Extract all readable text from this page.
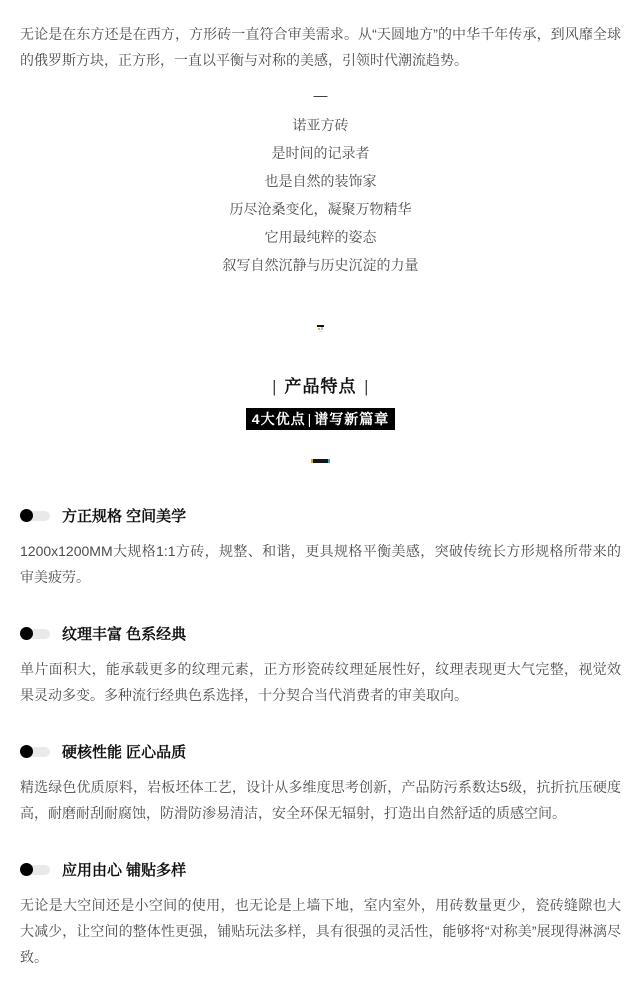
无论是在东方还是在西方，方形砖一直符合审美需求。从“天圆地方”的中华千年传承，到风靡全球的俄罗斯方块，正方形，一直以平衡与对称的美感，引领时代潮流趋势。

—
诺亚方砖
是时间的记录者
也是自然的装饰家
历尽沧桑变化，凝聚万物精华
它用最纯粹的姿态
叙写自然沉静与历史沉淀的力量
| 产品特点 |
4大优点 | 谱写新篇章
方正规格 空间美学

1200x1200MM大规格1:1方砖，规整、和谐，更具规格平衡美感，突破传统长方形规格所带来的审美疲劳。

纹理丰富 色系经典

单片面积大，能承载更多的纹理元素，正方形瓷砖纹理延展性好，纹理表现更大气完整，视觉效果灵动多变。多种流行经典色系选择，十分契合当代消费者的审美取向。

硬核性能 匠心品质

精选绿色优质原料，岩板坯体工艺，设计从多维度思考创新，产品防污系数达5级，抗折抗压硬度高，耐磨耐刮耐腐蚀，防滑防渗易清洁，安全环保无辐射，打造出自然舒适的质感空间。

应用由心 铺贴多样

无论是大空间还是小空间的使用，也无论是上墙下地，室内室外，用砖数量更少，瓷砖缝隙也大大减少，让空间的整体性更强，铺贴玩法多样，具有很强的灵活性，能够将“对称美”展现得淋漓尽致。
